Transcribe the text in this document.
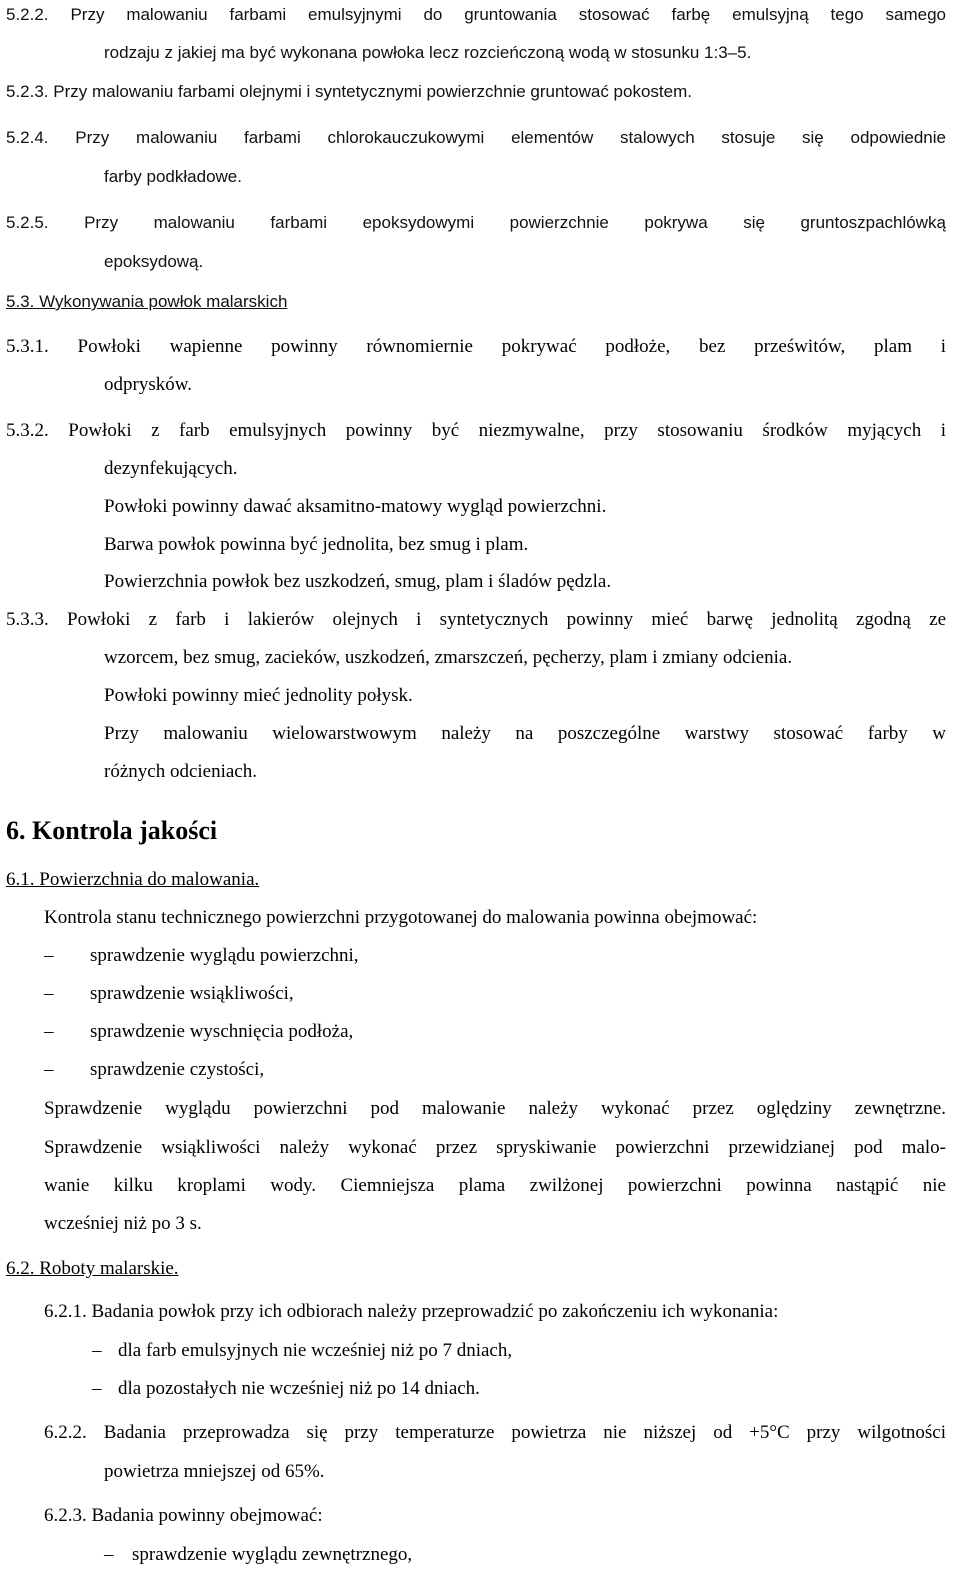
5.2.2. Przy malowaniu farbami emulsyjnymi do gruntowania stosować farbę emulsyjną tego samego
rodzaju z jakiej ma być wykonana powłoka lecz rozcieńczoną wodą w stosunku 1:3–5.
5.2.3. Przy malowaniu farbami olejnymi i syntetycznymi powierzchnie gruntować pokostem.
5.2.4. Przy malowaniu farbami chlorokauczukowymi elementów stalowych stosuje się odpowiednie
farby podkładowe.
5.2.5. Przy malowaniu farbami epoksydowymi powierzchnie pokrywa się gruntoszpachlówką
epoksydową.
5.3. Wykonywania powłok malarskich
5.3.1. Powłoki wapienne powinny równomiernie pokrywać podłoże, bez prześwitów, plam i
odprysków.
5.3.2. Powłoki z farb emulsyjnych powinny być niezmywalne, przy stosowaniu środków myjących i
dezynfekujących.
Powłoki powinny dawać aksamitno-matowy wygląd powierzchni.
Barwa powłok powinna być jednolita, bez smug i plam.
Powierzchnia powłok bez uszkodzeń, smug, plam i śladów pędzla.
5.3.3. Powłoki z farb i lakierów olejnych i syntetycznych powinny mieć barwę jednolitą zgodną ze
wzorcem, bez smug, zacieków, uszkodzeń, zmarszczeń, pęcherzy, plam i zmiany odcienia.
Powłoki powinny mieć jednolity połysk.
Przy malowaniu wielowarstwowym należy na poszczególne warstwy stosować farby w
różnych odcieniach.
6. Kontrola jakości
6.1. Powierzchnia do malowania.
Kontrola stanu technicznego powierzchni przygotowanej do malowania powinna obejmować:
– sprawdzenie wyglądu powierzchni,
– sprawdzenie wsiąkliwości,
– sprawdzenie wyschnięcia podłoża,
– sprawdzenie czystości,
Sprawdzenie wyglądu powierzchni pod malowanie należy wykonać przez oględziny zewnętrzne.
Sprawdzenie wsiąkliwości należy wykonać przez spryskiwanie powierzchni przewidzianej pod malo-
wanie kilku kroplami wody. Ciemniejsza plama zwilżonej powierzchni powinna nastąpić nie
wcześniej niż po 3 s.
6.2. Roboty malarskie.
6.2.1. Badania powłok przy ich odbiorach należy przeprowadzić po zakończeniu ich wykonania:
– dla farb emulsyjnych nie wcześniej niż po 7 dniach,
– dla pozostałych nie wcześniej niż po 14 dniach.
6.2.2. Badania przeprowadza się przy temperaturze powietrza nie niższej od +5°C przy wilgotności
powietrza mniejszej od 65%.
6.2.3. Badania powinny obejmować:
– sprawdzenie wyglądu zewnętrznego,
